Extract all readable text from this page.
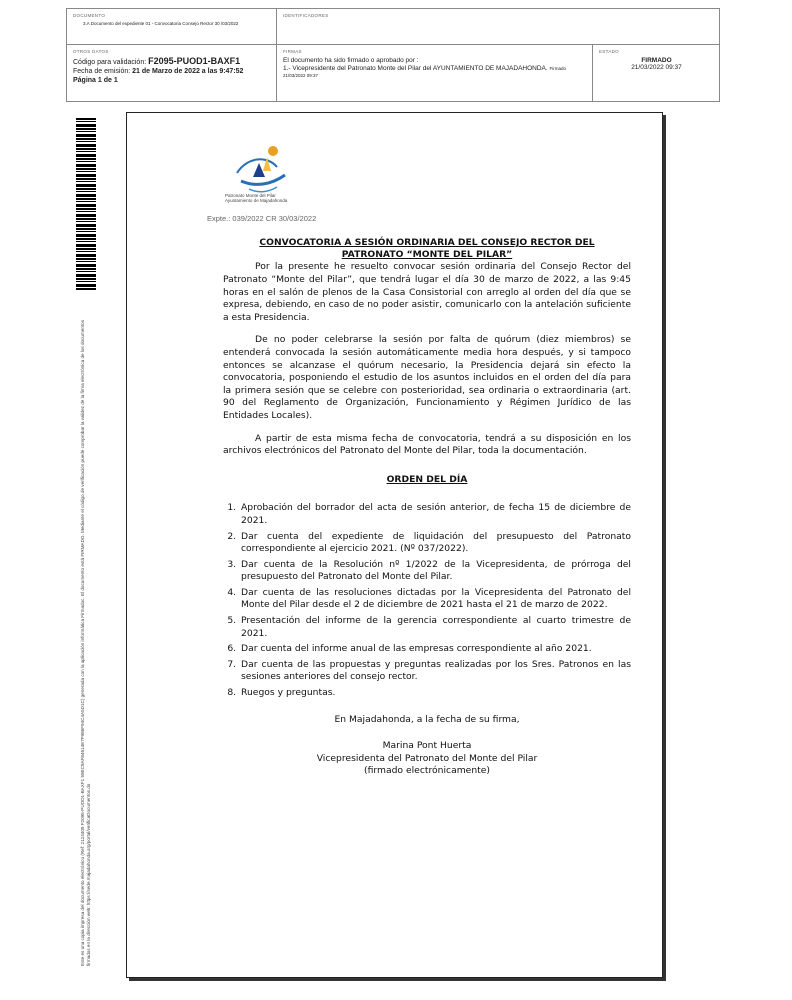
DOCUMENTO
3.A Documento del expediente 01 - Convocatoria Consejo Rector 30 /03/2022
IDENTIFICADORES
OTROS DATOS
Código para validación: F2095-PUOD1-BAXF1
Fecha de emisión: 21 de Marzo de 2022 a las 9:47:52
Página 1 de 1
FIRMAS
El documento ha sido firmado o aprobado por :
1.- Vicepresidente del Patronato Monte del Pilar del AYUNTAMIENTO DE MAJADAHONDA. Firmado
21/03/2022 09:37
ESTADO
FIRMADO
21/03/2022 09:37
Este es una copia impresa del documento electrónico (Ref: 2124405 F2095-PUOD1-BAXF1 59EC9AF84614E7F986F94C4A5D1C) generada con la aplicación informática Firmadoc. El documento está FIRMADO. Mediante el código de verificación puede comprobar la validez de la firma electrónica de los documentos firmados en la dirección web: https://sede.majadahonda.org/portal/verificaDocumentos.do
Patronato Monte del Pilar
Ayuntamiento de Majadahonda
Expte.: 039/2022 CR 30/03/2022
CONVOCATORIA A SESIÓN ORDINARIA DEL CONSEJO RECTOR DEL
PATRONATO “MONTE DEL PILAR”

Por la presente he resuelto convocar sesión ordinaria del Consejo Rector del Patronato “Monte del Pilar”, que tendrá lugar el día 30 de marzo de 2022, a las 9:45 horas en el salón de plenos de la Casa Consistorial con arreglo al orden del día que se expresa, debiendo, en caso de no poder asistir, comunicarlo con la antelación suficiente a esta Presidencia.

De no poder celebrarse la sesión por falta de quórum (diez miembros) se entenderá convocada la sesión automáticamente media hora después, y si tampoco entonces se alcanzase el quórum necesario, la Presidencia dejará sin efecto la convocatoria, posponiendo el estudio de los asuntos incluidos en el orden del día para la primera sesión que se celebre con posterioridad, sea ordinaria o extraordinaria (art. 90 del Reglamento de Organización, Funcionamiento y Régimen Jurídico de las Entidades Locales).

A partir de esta misma fecha de convocatoria, tendrá a su disposición en los archivos electrónicos del Patronato del Monte del Pilar, toda la documentación.

ORDEN DEL DÍA
1. Aprobación del borrador del acta de sesión anterior, de fecha 15 de diciembre de 2021.
2. Dar cuenta del expediente de liquidación del presupuesto del Patronato correspondiente al ejercicio 2021. (Nº 037/2022).
3. Dar cuenta de la Resolución nº 1/2022 de la Vicepresidenta, de prórroga del presupuesto del Patronato del Monte del Pilar.
4. Dar cuenta de las resoluciones dictadas por la Vicepresidenta del Patronato del Monte del Pilar desde el 2 de diciembre de 2021 hasta el 21 de marzo de 2022.
5. Presentación del informe de la gerencia correspondiente al cuarto trimestre de 2021.
6. Dar cuenta del informe anual de las empresas correspondiente al año 2021.
7. Dar cuenta de las propuestas y preguntas realizadas por los Sres. Patronos en las sesiones anteriores del consejo rector.
8. Ruegos y preguntas.
En Majadahonda, a la fecha de su firma,
Marina Pont Huerta
Vicepresidenta del Patronato del Monte del Pilar
(firmado electrónicamente)
